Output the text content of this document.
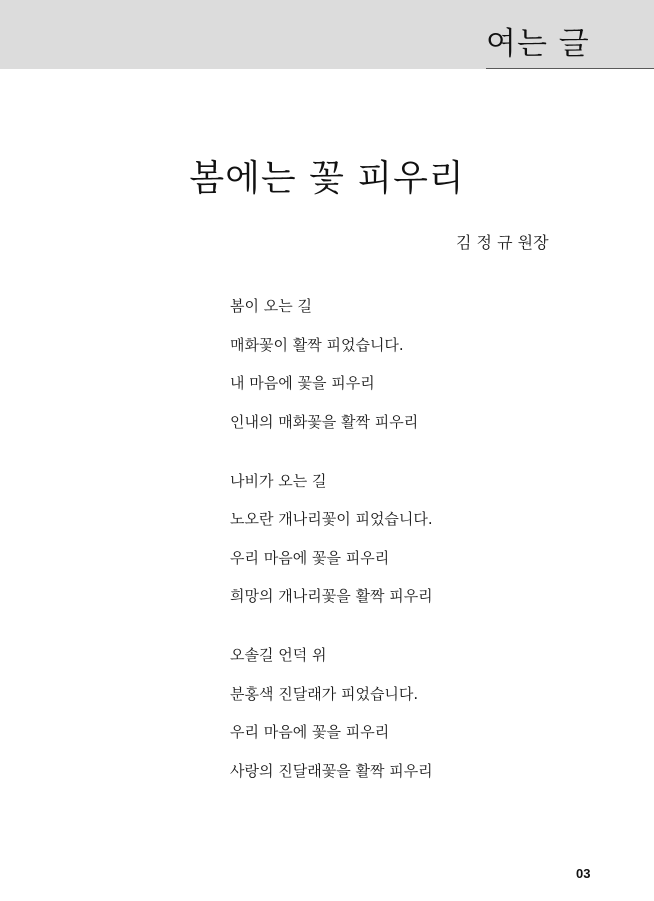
여는 글
봄에는 꽃 피우리
김 정 규 원장
봄이 오는 길
매화꽃이 활짝 피었습니다.
내 마음에 꽃을 피우리
인내의 매화꽃을 활짝 피우리
나비가 오는 길
노오란 개나리꽃이 피었습니다.
우리 마음에 꽃을 피우리
희망의 개나리꽃을 활짝 피우리
오솔길 언덕 위
분홍색 진달래가 피었습니다.
우리 마음에 꽃을 피우리
사랑의 진달래꽃을 활짝 피우리
03
